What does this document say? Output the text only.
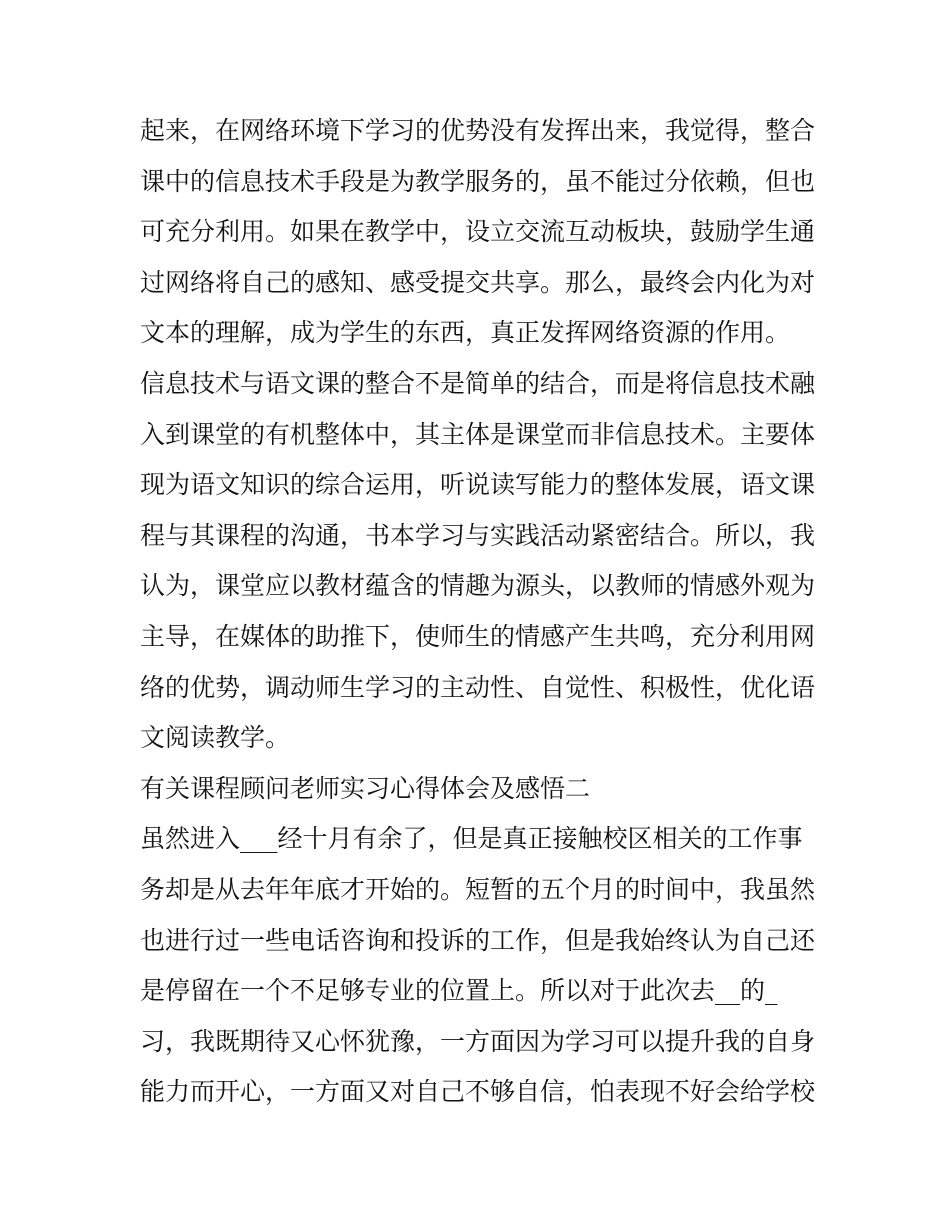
起来，在网络环境下学习的优势没有发挥出来，我觉得，整合
课中的信息技术手段是为教学服务的，虽不能过分依赖，但也
可充分利用。如果在教学中，设立交流互动板块，鼓励学生通
过网络将自己的感知、感受提交共享。那么，最终会内化为对
文本的理解，成为学生的东西，真正发挥网络资源的作用。
信息技术与语文课的整合不是简单的结合，而是将信息技术融
入到课堂的有机整体中，其主体是课堂而非信息技术。主要体
现为语文知识的综合运用，听说读写能力的整体发展，语文课
程与其课程的沟通，书本学习与实践活动紧密结合。所以，我
认为，课堂应以教材蕴含的情趣为源头，以教师的情感外观为
主导，在媒体的助推下，使师生的情感产生共鸣，充分利用网
络的优势，调动师生学习的主动性、自觉性、积极性，优化语
文阅读教学。
有关课程顾问老师实习心得体会及感悟二
虽然进入___经十月有余了，但是真正接触校区相关的工作事
务却是从去年年底才开始的。短暂的五个月的时间中，我虽然
也进行过一些电话咨询和投诉的工作，但是我始终认为自己还
是停留在一个不足够专业的位置上。所以对于此次去__的_
习，我既期待又心怀犹豫，一方面因为学习可以提升我的自身
能力而开心，一方面又对自己不够自信，怕表现不好会给学校
